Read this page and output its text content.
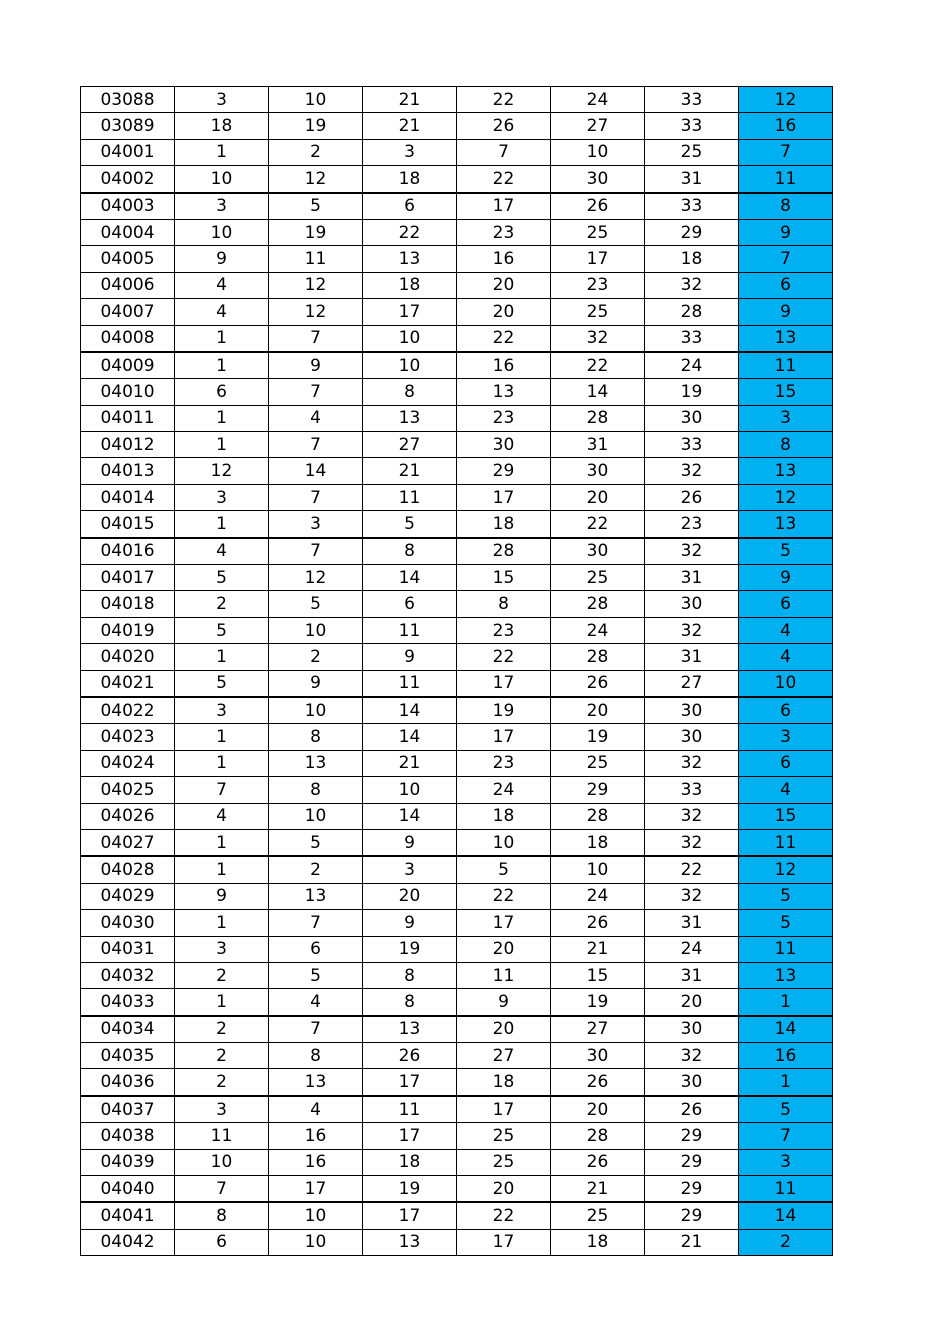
03088	3	10	21	22	24	33	12
03089	18	19	21	26	27	33	16
04001	1	2	3	7	10	25	7
04002	10	12	18	22	30	31	11
04003	3	5	6	17	26	33	8
04004	10	19	22	23	25	29	9
04005	9	11	13	16	17	18	7
04006	4	12	18	20	23	32	6
04007	4	12	17	20	25	28	9
04008	1	7	10	22	32	33	13
04009	1	9	10	16	22	24	11
04010	6	7	8	13	14	19	15
04011	1	4	13	23	28	30	3
04012	1	7	27	30	31	33	8
04013	12	14	21	29	30	32	13
04014	3	7	11	17	20	26	12
04015	1	3	5	18	22	23	13
04016	4	7	8	28	30	32	5
04017	5	12	14	15	25	31	9
04018	2	5	6	8	28	30	6
04019	5	10	11	23	24	32	4
04020	1	2	9	22	28	31	4
04021	5	9	11	17	26	27	10
04022	3	10	14	19	20	30	6
04023	1	8	14	17	19	30	3
04024	1	13	21	23	25	32	6
04025	7	8	10	24	29	33	4
04026	4	10	14	18	28	32	15
04027	1	5	9	10	18	32	11
04028	1	2	3	5	10	22	12
04029	9	13	20	22	24	32	5
04030	1	7	9	17	26	31	5
04031	3	6	19	20	21	24	11
04032	2	5	8	11	15	31	13
04033	1	4	8	9	19	20	1
04034	2	7	13	20	27	30	14
04035	2	8	26	27	30	32	16
04036	2	13	17	18	26	30	1
04037	3	4	11	17	20	26	5
04038	11	16	17	25	28	29	7
04039	10	16	18	25	26	29	3
04040	7	17	19	20	21	29	11
04041	8	10	17	22	25	29	14
04042	6	10	13	17	18	21	2
